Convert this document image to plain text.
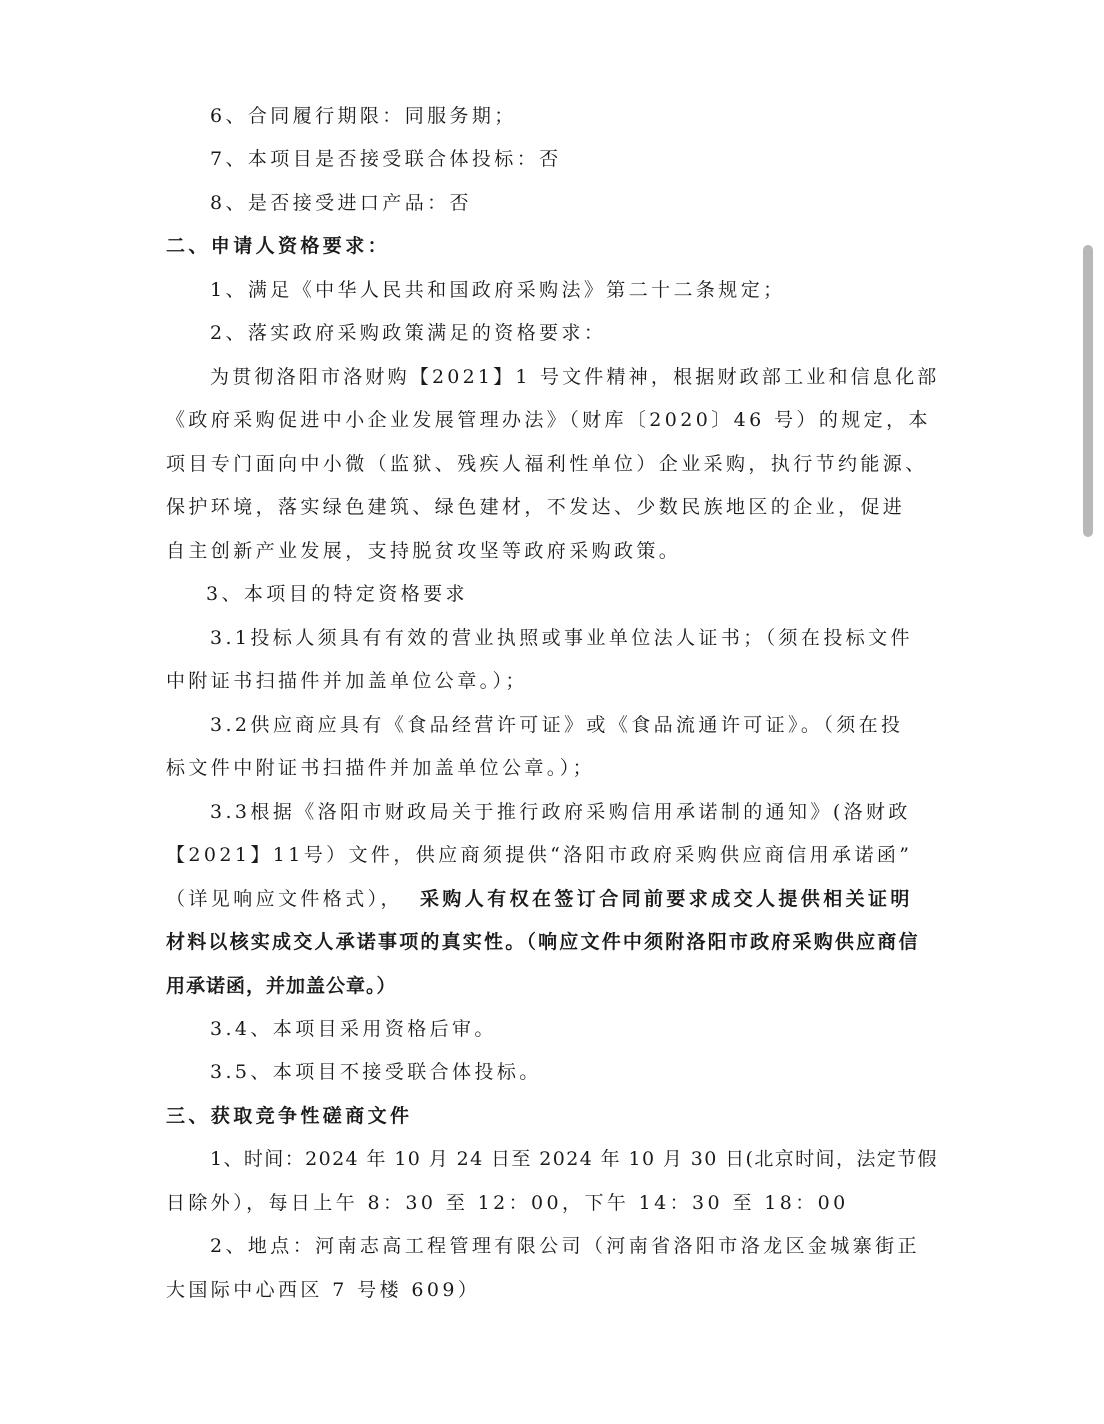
6、合同履行期限：同服务期；
7、本项目是否接受联合体投标：否
8、是否接受进口产品：否
二、申请人资格要求：
1、满足《中华人民共和国政府采购法》第二十二条规定；
2、落实政府采购政策满足的资格要求：
为贯彻洛阳市洛财购【2021】1 号文件精神，根据财政部工业和信息化部
《政府采购促进中小企业发展管理办法》（财库〔2020〕46 号）的规定，本
项目专门面向中小微（监狱、残疾人福利性单位）企业采购，执行节约能源、
保护环境，落实绿色建筑、绿色建材，不发达、少数民族地区的企业，促进
自主创新产业发展，支持脱贫攻坚等政府采购政策。
3、本项目的特定资格要求
3.1投标人须具有有效的营业执照或事业单位法人证书；（须在投标文件
中附证书扫描件并加盖单位公章。）；
3.2供应商应具有《食品经营许可证》或《食品流通许可证》。（须在投
标文件中附证书扫描件并加盖单位公章。）；
3.3根据《洛阳市财政局关于推行政府采购信用承诺制的通知》(洛财政
【2021】11号）文件，供应商须提供“洛阳市政府采购供应商信用承诺函”
（详见响应文件格式）， 采购人有权在签订合同前要求成交人提供相关证明
材料以核实成交人承诺事项的真实性。（响应文件中须附洛阳市政府采购供应商信
用承诺函，并加盖公章。）
3.4、本项目采用资格后审。
3.5、本项目不接受联合体投标。
三、获取竞争性磋商文件
1、时间：2024 年 10 月 24 日至 2024 年 10 月 30 日(北京时间，法定节假
日除外），每日上午 8：30 至 12：00，下午 14：30 至 18：00
2、地点：河南志高工程管理有限公司（河南省洛阳市洛龙区金城寨街正
大国际中心西区 7 号楼 609）
